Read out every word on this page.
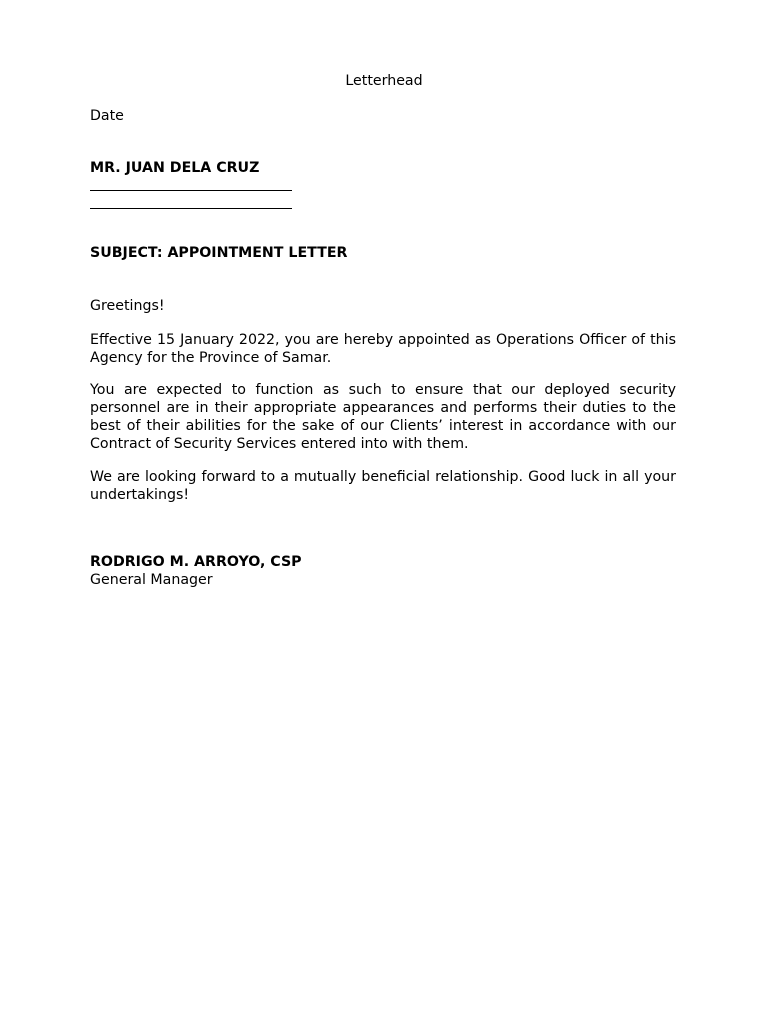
Letterhead

Date

MR. JUAN DELA CRUZ

SUBJECT: APPOINTMENT LETTER

Greetings!

Effective 15 January 2022, you are hereby appointed as Operations Officer of this Agency for the Province of Samar.

You are expected to function as such to ensure that our deployed security personnel are in their appropriate appearances and performs their duties to the best of their abilities for the sake of our Clients’ interest in accordance with our Contract of Security Services entered into with them.

We are looking forward to a mutually beneficial relationship. Good luck in all your undertakings!

RODRIGO M. ARROYO, CSP

General Manager
